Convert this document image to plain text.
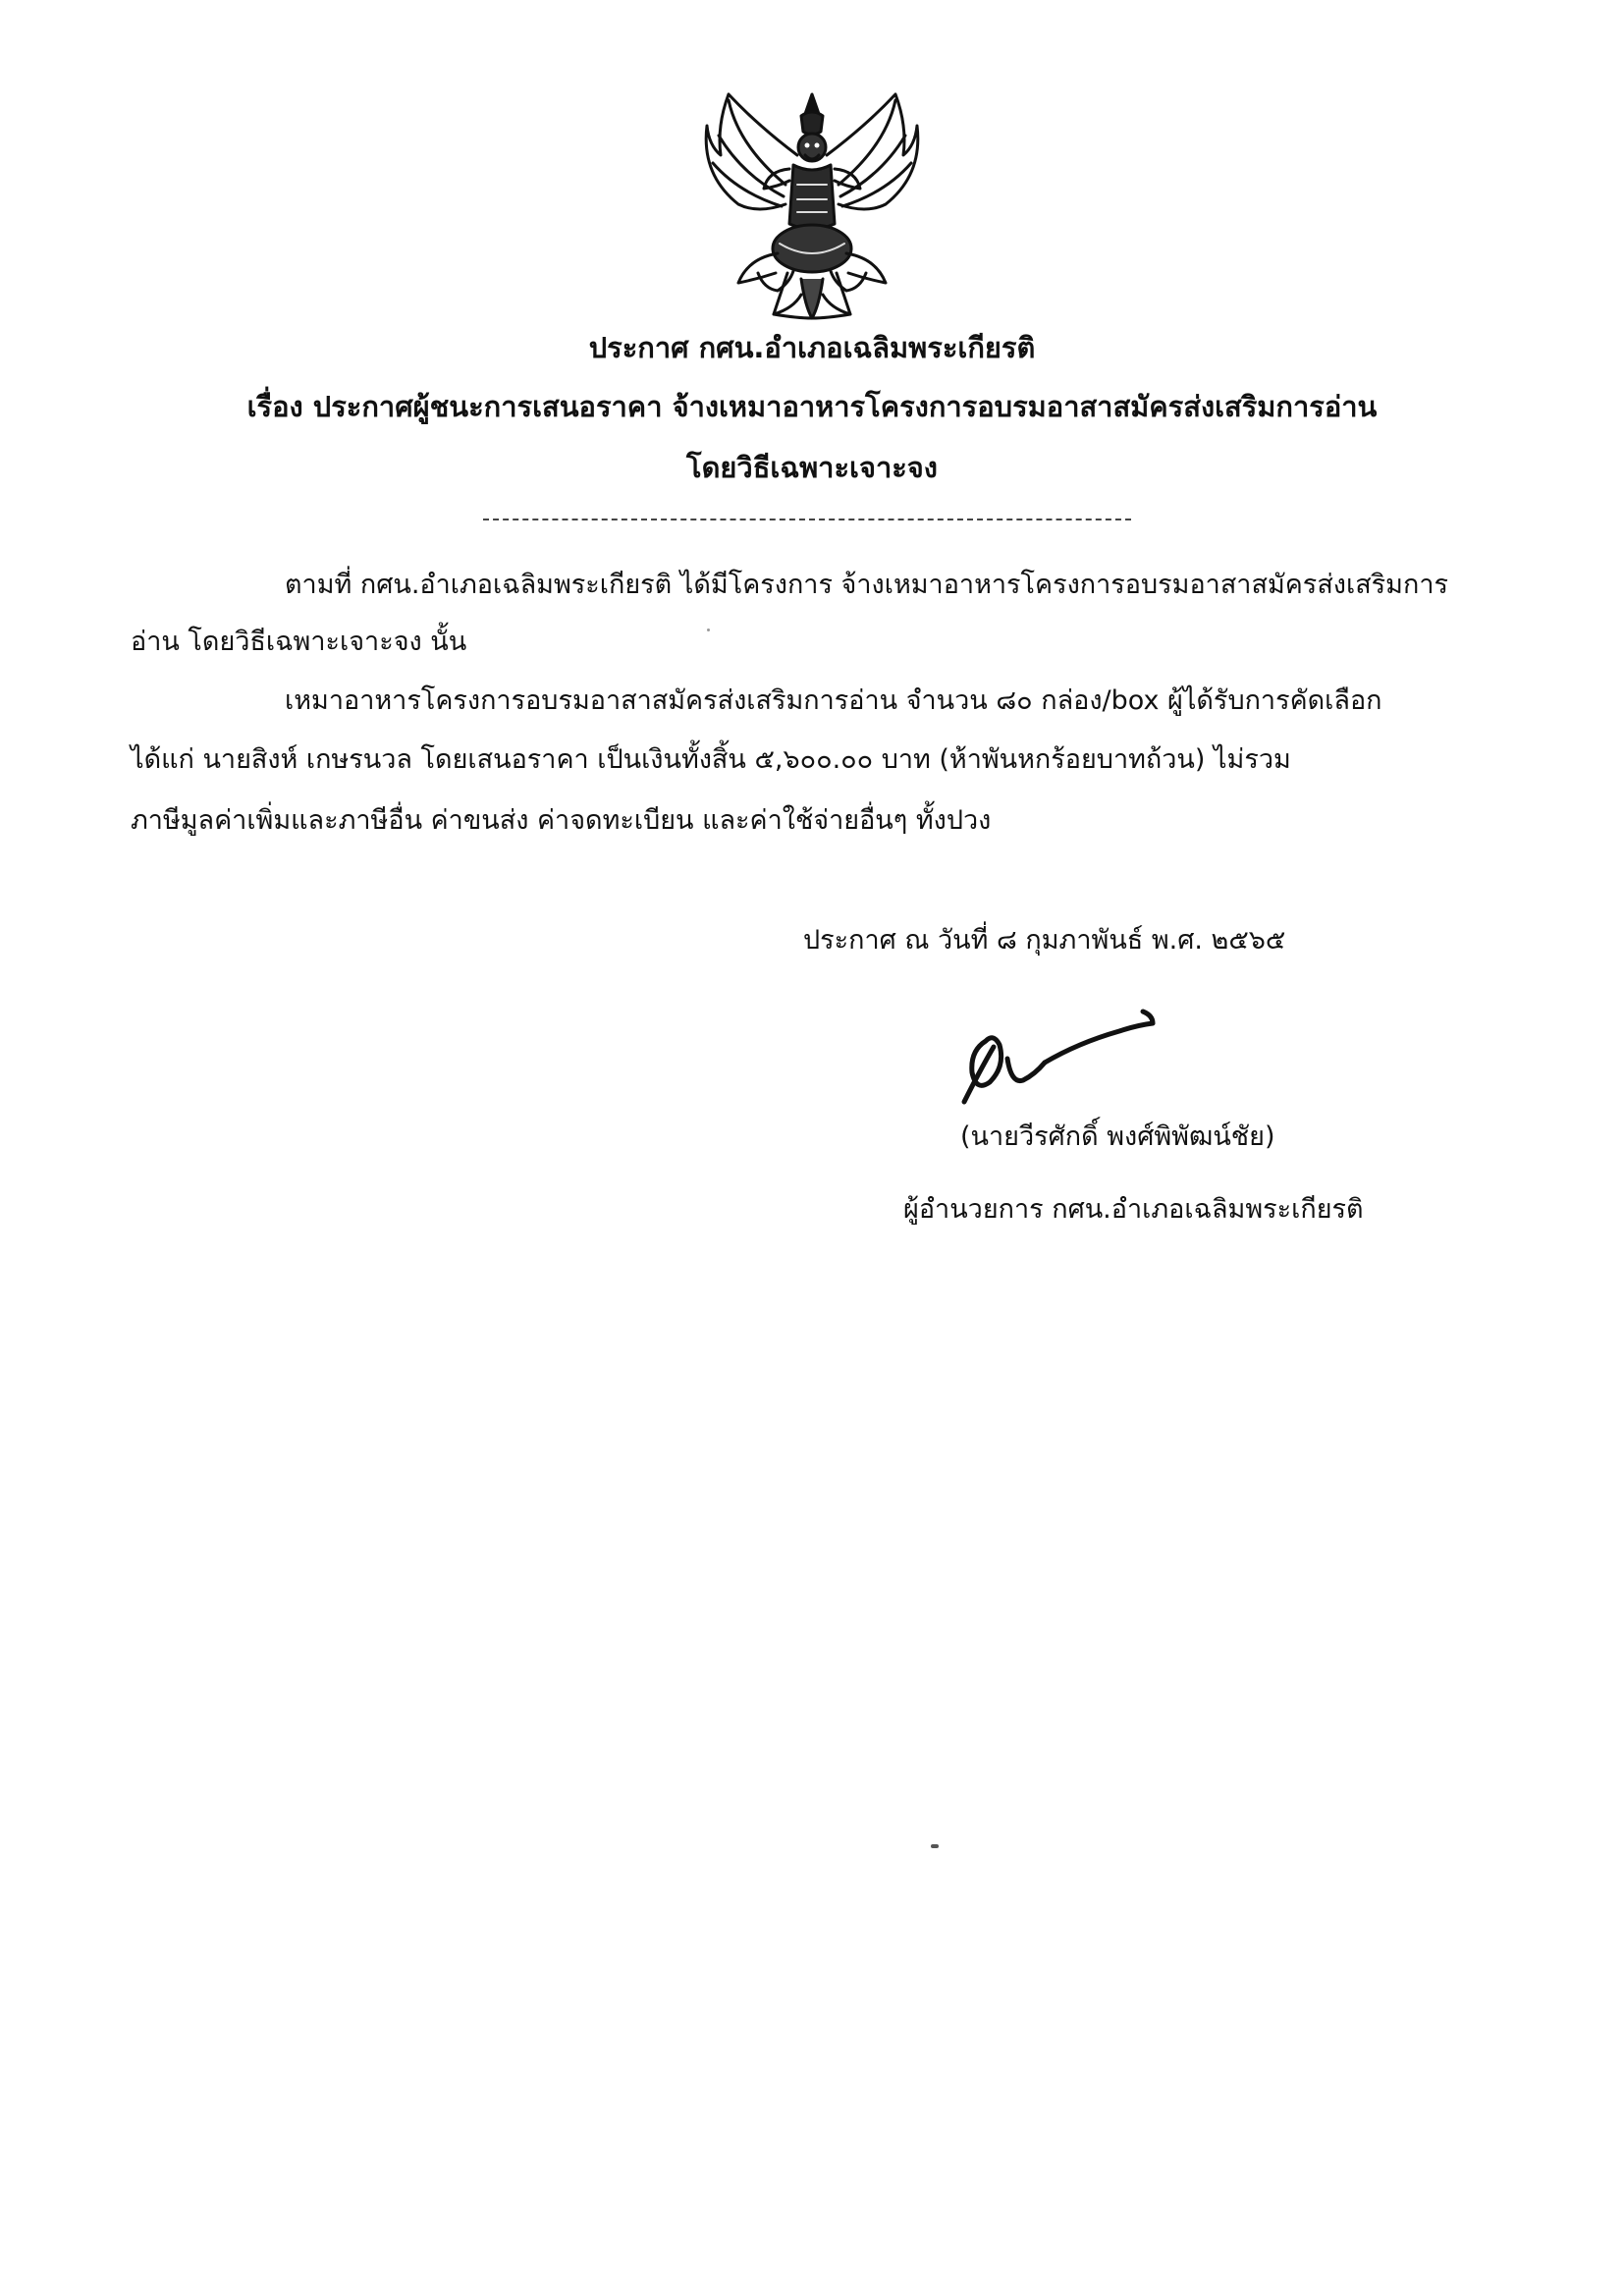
ประกาศ กศน.อำเภอเฉลิมพระเกียรติ
เรื่อง ประกาศผู้ชนะการเสนอราคา จ้างเหมาอาหารโครงการอบรมอาสาสมัครส่งเสริมการอ่าน
โดยวิธีเฉพาะเจาะจง
ตามที่ กศน.อำเภอเฉลิมพระเกียรติ ได้มีโครงการ จ้างเหมาอาหารโครงการอบรมอาสาสมัครส่งเสริมการ
อ่าน โดยวิธีเฉพาะเจาะจง นั้น
เหมาอาหารโครงการอบรมอาสาสมัครส่งเสริมการอ่าน จำนวน ๘๐ กล่อง/box ผู้ได้รับการคัดเลือก
ได้แก่ นายสิงห์ เกษรนวล โดยเสนอราคา เป็นเงินทั้งสิ้น ๕,๖๐๐.๐๐ บาท (ห้าพันหกร้อยบาทถ้วน) ไม่รวม
ภาษีมูลค่าเพิ่มและภาษีอื่น ค่าขนส่ง ค่าจดทะเบียน และค่าใช้จ่ายอื่นๆ ทั้งปวง
ประกาศ ณ วันที่ ๘ กุมภาพันธ์ พ.ศ. ๒๕๖๕
(นายวีรศักดิ์ พงศ์พิพัฒน์ชัย)
ผู้อำนวยการ กศน.อำเภอเฉลิมพระเกียรติ
